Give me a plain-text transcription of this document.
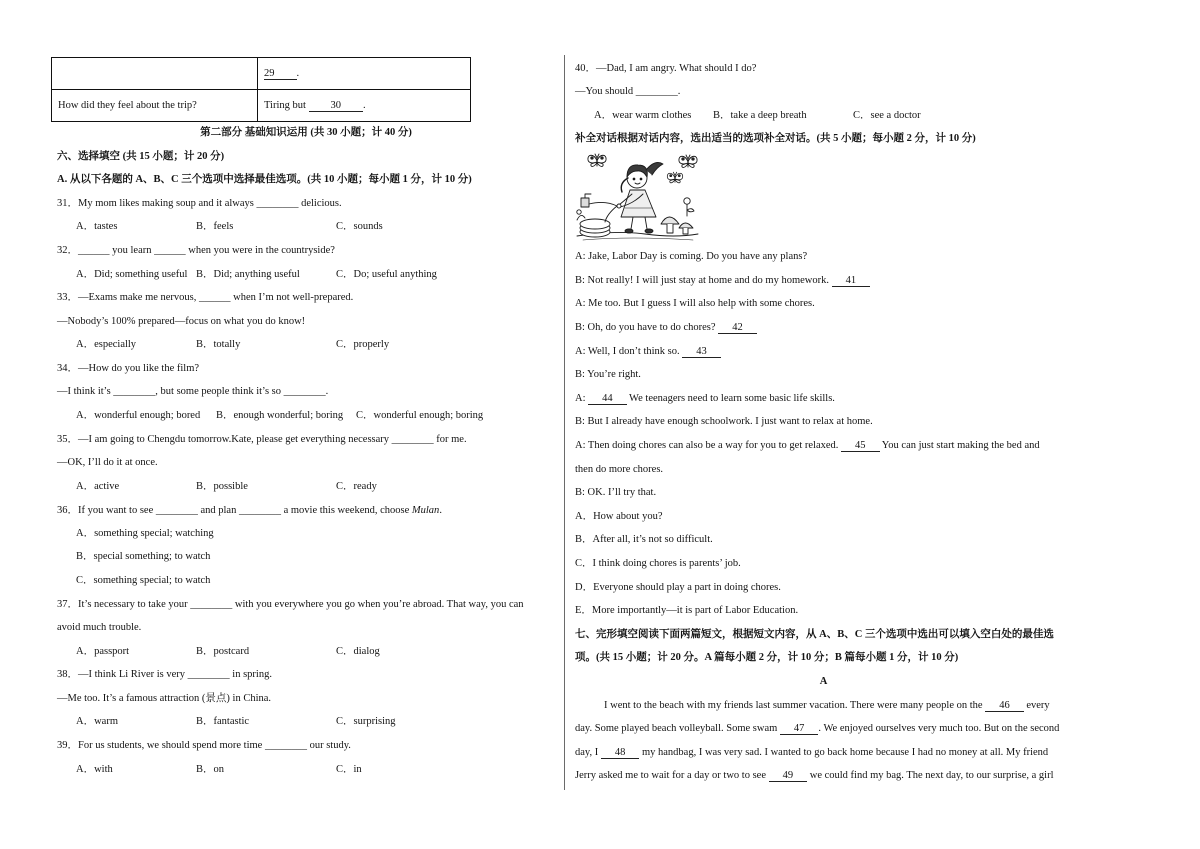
	29 .
How did they feel about the trip?	Tiring but 30 .
第二部分 基础知识运用 (共 30 小题；计 40 分)
六、选择填空 (共 15 小题；计 20 分)
A. 从以下各题的 A、B、C 三个选项中选择最佳选项。(共 10 小题；每小题 1 分，计 10 分)
31．My mom likes making soup and it always ________ delicious.
A．tastes	B．feels	C．sounds
32．______ you learn ______ when you were in the countryside?
A．Did; something useful B．Did; anything useful	C．Do; useful anything
33．—Exams make me nervous, ______ when I’m not well-prepared.
—Nobody’s 100% prepared—focus on what you do know!
A．especially	B．totally	C．properly
34．—How do you like the film?
—I think it’s ________, but some people think it’s so ________.
A．wonderful enough; bored B．enough wonderful; boring C．wonderful enough; boring
35．—I am going to Chengdu tomorrow.Kate, please get everything necessary ________ for me.
—OK, I’ll do it at once.
A．active	B．possible	C．ready
36．If you want to see ________ and plan ________ a movie this weekend, choose Mulan.
A．something special; watching
B．special something; to watch
C．something special; to watch
37．It’s necessary to take your ________ with you everywhere you go when you’re abroad. That way, you can
avoid much trouble.
A．passport	B．postcard	C．dialog
38．—I think Li River is very ________ in spring.
—Me too. It’s a famous attraction (景点) in China.
A．warm	B．fantastic	C．surprising
39．For us students, we should spend more time ________ our study.
A．with	B．on	C．in
40．—Dad, I am angry. What should I do?
—You should ________.
A．wear warm clothes B．take a deep breath	C．see a doctor
补全对话根据对话内容，选出适当的选项补全对话。(共 5 小题；每小题 2 分，计 10 分)
A: Jake, Labor Day is coming. Do you have any plans?
B: Not really! I will just stay at home and do my homework. 41
A: Me too. But I guess I will also help with some chores.
B: Oh, do you have to do chores? 42
A: Well, I don’t think so. 43
B: You’re right.
A: 44 We teenagers need to learn some basic life skills.
B: But I already have enough schoolwork. I just want to relax at home.
A: Then doing chores can also be a way for you to get relaxed. 45 You can just start making the bed and
then do more chores.
B: OK. I’ll try that.
A．How about you?
B．After all, it’s not so difficult.
C．I think doing chores is parents’ job.
D．Everyone should play a part in doing chores.
E．More importantly—it is part of Labor Education.
七、完形填空阅读下面两篇短文，根据短文内容，从 A、B、C 三个选项中选出可以填入空白处的最佳选
项。(共 15 小题；计 20 分。A 篇每小题 2 分，计 10 分；B 篇每小题 1 分，计 10 分)
A
I went to the beach with my friends last summer vacation. There were many people on the 46 every
day. Some played beach volleyball. Some swam 47 . We enjoyed ourselves very much too. But on the second
day, I 48 my handbag, I was very sad. I wanted to go back home because I had no money at all. My friend
Jerry asked me to wait for a day or two to see 49 we could find my bag. The next day, to our surprise, a girl
